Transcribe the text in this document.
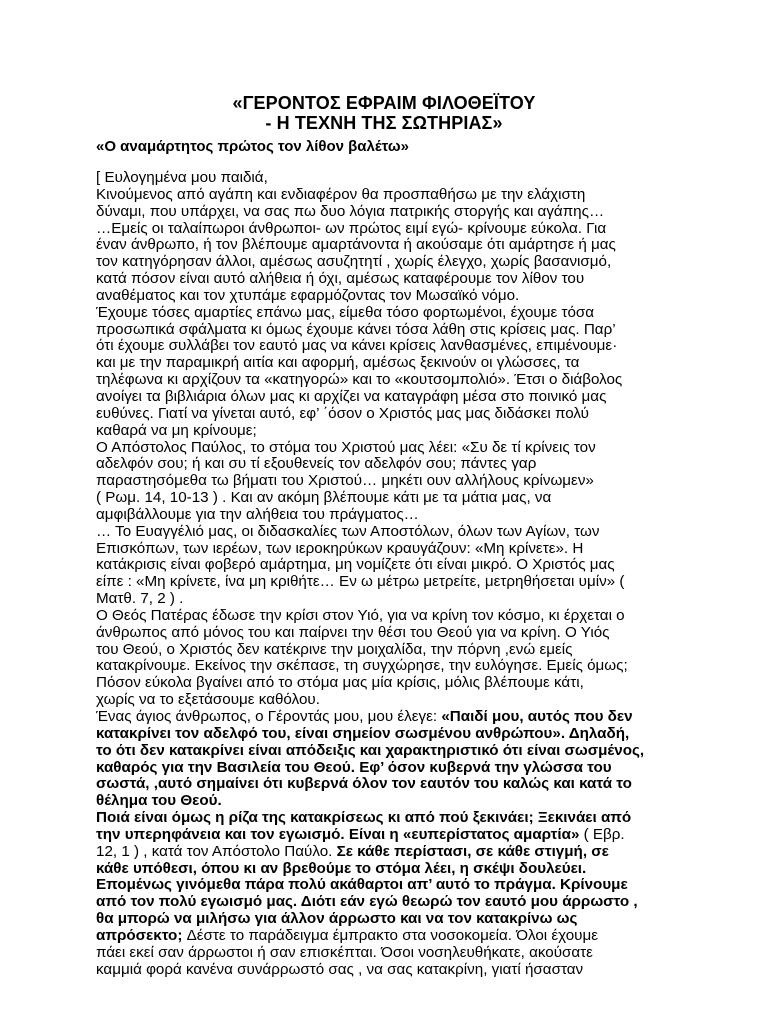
«ΓΕΡΟΝΤΟΣ ΕΦΡΑΙΜ ΦΙΛΟΘΕΪΤΟΥ
- Η ΤΕΧΝΗ ΤΗΣ ΣΩΤΗΡΙΑΣ»
«Ο αναμάρτητος πρώτος τον λίθον βαλέτω»
[ Ευλογημένα μου παιδιά,
Κινούμενος από αγάπη και ενδιαφέρον θα προσπαθήσω με την ελάχιστη
δύναμι, που υπάρχει, να σας πω δυο λόγια πατρικής στοργής και αγάπης…
…Εμείς οι ταλαίπωροι άνθρωποι- ων πρώτος ειμί εγώ- κρίνουμε εύκολα. Για
έναν άνθρωπο, ή τον βλέπουμε αμαρτάνοντα ή ακούσαμε ότι αμάρτησε ή μας
τον κατηγόρησαν άλλοι, αμέσως ασυζητητί , χωρίς έλεγχο, χωρίς βασανισμό,
κατά πόσον είναι αυτό αλήθεια ή όχι, αμέσως καταφέρουμε τον λίθον του
αναθέματος και τον χτυπάμε εφαρμόζοντας τον Μωσαϊκό νόμο.
Έχουμε τόσες αμαρτίες επάνω μας, είμεθα τόσο φορτωμένοι, έχουμε τόσα
προσωπικά σφάλματα κι όμως έχουμε κάνει τόσα λάθη στις κρίσεις μας. Παρ’
ότι έχουμε συλλάβει τον εαυτό μας να κάνει κρίσεις λανθασμένες, επιμένουμε·
και με την παραμικρή αιτία και αφορμή, αμέσως ξεκινούν οι γλώσσες, τα
τηλέφωνα κι αρχίζουν τα «κατηγορώ» και το «κουτσομπολιό». Έτσι ο διάβολος
ανοίγει τα βιβλιάρια όλων μας κι αρχίζει να καταγράφη μέσα στο ποινικό μας
ευθύνες. Γιατί να γίνεται αυτό, εφ’ ΄όσον ο Χριστός μας μας διδάσκει πολύ
καθαρά να μη κρίνουμε;
Ο Απόστολος Παύλος, το στόμα του Χριστού μας λέει: «Συ δε τί κρίνεις τον
αδελφόν σου; ή και συ τί εξουθενείς τον αδελφόν σου; πάντες γαρ
παραστησόμεθα τω βήματι του Χριστού… μηκέτι ουν αλλήλους κρίνωμεν»
( Ρωμ. 14, 10-13 ) . Και αν ακόμη βλέπουμε κάτι με τα μάτια μας, να
αμφιβάλλουμε για την αλήθεια του πράγματος…
… Το Ευαγγέλιό μας, οι διδασκαλίες των Αποστόλων, όλων των Αγίων, των
Επισκόπων, των ιερέων, των ιεροκηρύκων κραυγάζουν: «Μη κρίνετε». Η
κατάκρισις είναι φοβερό αμάρτημα, μη νομίζετε ότι είναι μικρό. Ο Χριστός μας
είπε : «Μη κρίνετε, ίνα μη κριθήτε… Εν ω μέτρω μετρείτε, μετρηθήσεται υμίν» (
Ματθ. 7, 2 ) .
Ο Θεός Πατέρας έδωσε την κρίσι στον Υιό, για να κρίνη τον κόσμο, κι έρχεται ο
άνθρωπος από μόνος του και παίρνει την θέσι του Θεού για να κρίνη. Ο Υιός
του Θεού, ο Χριστός δεν κατέκρινε την μοιχαλίδα, την πόρνη ,ενώ εμείς
κατακρίνουμε. Εκείνος την σκέπασε, τη συγχώρησε, την ευλόγησε. Εμείς όμως;
Πόσον εύκολα βγαίνει από το στόμα μας μία κρίσις, μόλις βλέπουμε κάτι,
χωρίς να το εξετάσουμε καθόλου.
Ένας άγιος άνθρωπος, ο Γέροντάς μου, μου έλεγε: «Παιδί μου, αυτός που δεν
κατακρίνει τον αδελφό του, είναι σημείον σωσμένου ανθρώπου». Δηλαδή,
το ότι δεν κατακρίνει είναι απόδειξις και χαρακτηριστικό ότι είναι σωσμένος,
καθαρός για την Βασιλεία του Θεού. Εφ’ όσον κυβερνά την γλώσσα του
σωστά, ,αυτό σημαίνει ότι κυβερνά όλον τον εαυτόν του καλώς και κατά το
θέλημα του Θεού.
Ποιά είναι όμως η ρίζα της κατακρίσεως κι από πού ξεκινάει; Ξεκινάει από
την υπερηφάνεια και τον εγωισμό. Είναι η «ευπερίστατος αμαρτία» ( Εβρ.
12, 1 ) , κατά τον Απόστολο Παύλο. Σε κάθε περίστασι, σε κάθε στιγμή, σε
κάθε υπόθεσι, όπου κι αν βρεθούμε το στόμα λέει, η σκέψι δουλεύει.
Επομένως γινόμεθα πάρα πολύ ακάθαρτοι απ’ αυτό το πράγμα. Κρίνουμε
από τον πολύ εγωισμό μας. Διότι εάν εγώ θεωρώ τον εαυτό μου άρρωστο ,
θα μπορώ να μιλήσω για άλλον άρρωστο και να τον κατακρίνω ως
απρόσεκτο; Δέστε το παράδειγμα έμπρακτο στα νοσοκομεία. Όλοι έχουμε
πάει εκεί σαν άρρωστοι ή σαν επισκέπται. Όσοι νοσηλευθήκατε, ακούσατε
καμμιά φορά κανένα συνάρρωστό σας , να σας κατακρίνη, γιατί ήσασταν
